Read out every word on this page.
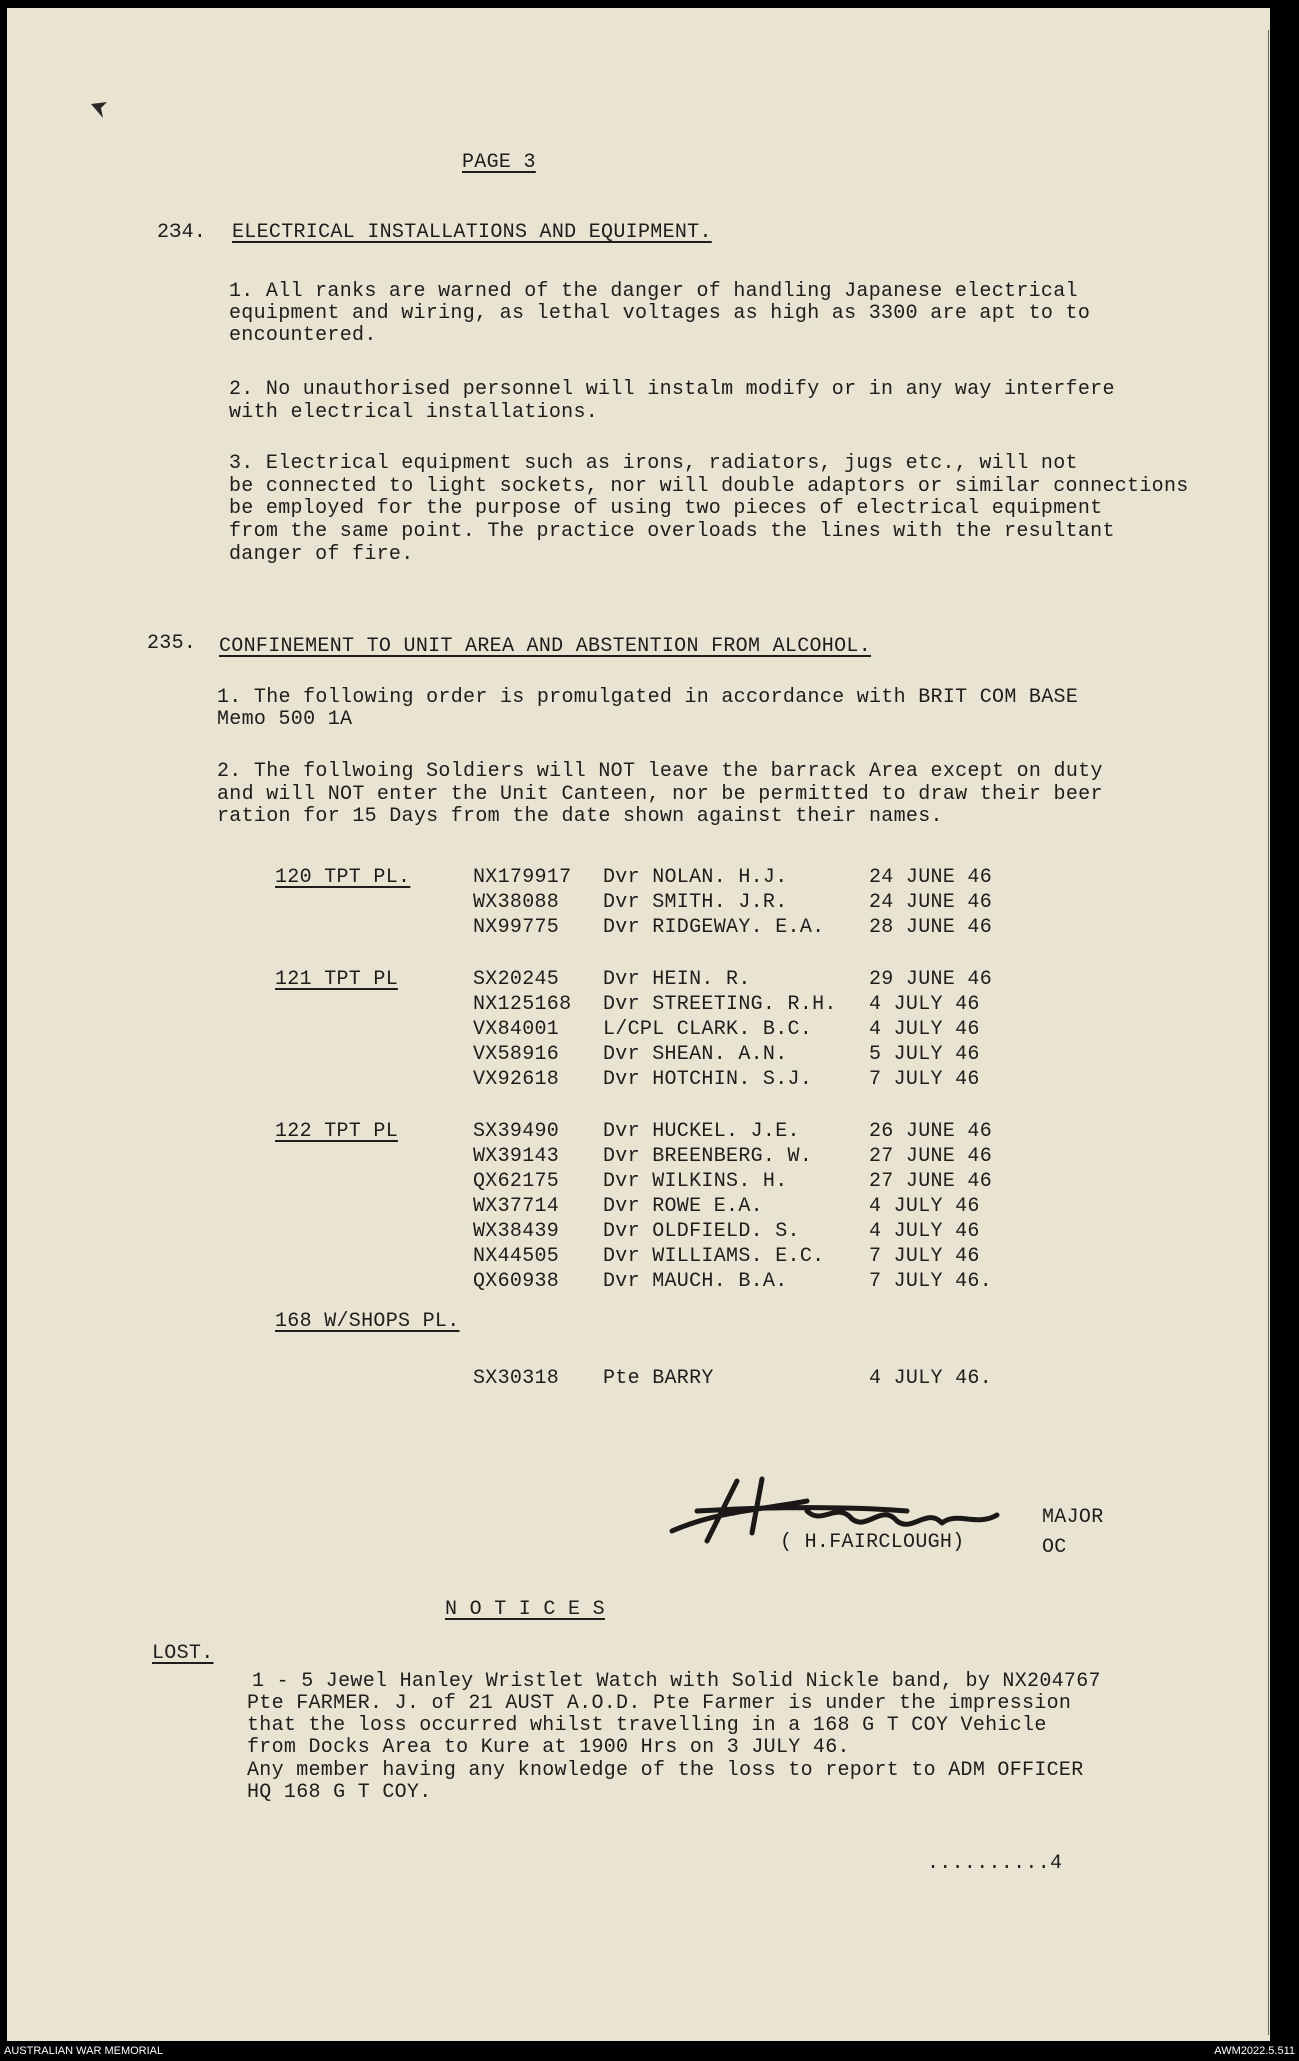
PAGE 3
2З4. ELECTRICAL INSTALLATIONS AND EQUIPMENT.
1. All ranks are warned of the danger of handling Japanese electrical
equipment and wiring, as lethal voltages as high as 3300 are apt to to
encountered.
2. No unauthorised personnel will instalm modify or in any way interfere
with electrical installations.
3. Electrical equipment such as irons, radiators, jugs etc., will not
be connected to light sockets, nor will double adaptors or similar connections
be employed for the purpose of using two pieces of electrical equipment
from the same point. The practice overloads the lines with the resultant
danger of fire.
235. CONFINEMENT TO UNIT AREA AND ABSTENTION FROM ALCOHOL.
1. The following order is promulgated in accordance with BRIT COM BASE
Memo 500 1A
2. The follwoing Soldiers will NOT leave the barrack Area except on duty
and will NOT enter the Unit Canteen, nor be permitted to draw their beer
ration for 15 Days from the date shown against their names.
120 TPT PL.	NX179917 Dvr NOLAN. H.J.	24 JUNE 46
WX38088 Dvr SMITH. J.R.	24 JUNE 46
NX99775 Dvr RIDGEWAY. E.A. 28 JUNE 46
121 TPT PL	SX20245 Dvr HEIN. R.	29 JUNE 46
NX125168 Dvr STREETING. R.H. 4 JULY 46
VX84001 L/CPL CLARK. B.C.	4 JULY 46
VX58916 Dvr SHEAN. A.N.	5 JULY 46
VX92618 Dvr HOTCHIN. S.J.	7 JULY 46
122 TPT PL	SX39490 Dvr HUCKEL. J.E.	26 JUNE 46
WX39143 Dvr BREENBERG. W.	27 JUNE 46
QX62175 Dvr WILKINS. H.	27 JUNE 46
WX37714 Dvr ROWE E.A.	4 JULY 46
WX38439 Dvr OLDFIELD. S.	4 JULY 46
NX44505 Dvr WILLIAMS. E.C. 7 JULY 46
QX60938 Dvr MAUCH. B.A.	7 JULY 46.
168 W/SHOPS PL.
SX30318 Pte BARRY	4 JULY 46.
MAJOR
( H.FAIRCLOUGH)	OC
N O T I C E S
LOST.
1 - 5 Jewel Hanley Wristlet Watch with Solid Nickle band, by NX204767
Pte FARMER. J. of 21 AUST A.O.D. Pte Farmer is under the impression
that the loss occurred whilst travelling in a 168 G T COY Vehicle
from Docks Area to Kure at 1900 Hrs on 3 JULY 46.
Any member having any knowledge of the loss to report to ADM OFFICER
HQ 168 G T COY.
..........4
AUSTRALIAN WAR MEMORIAL	AWM2022.5.511
